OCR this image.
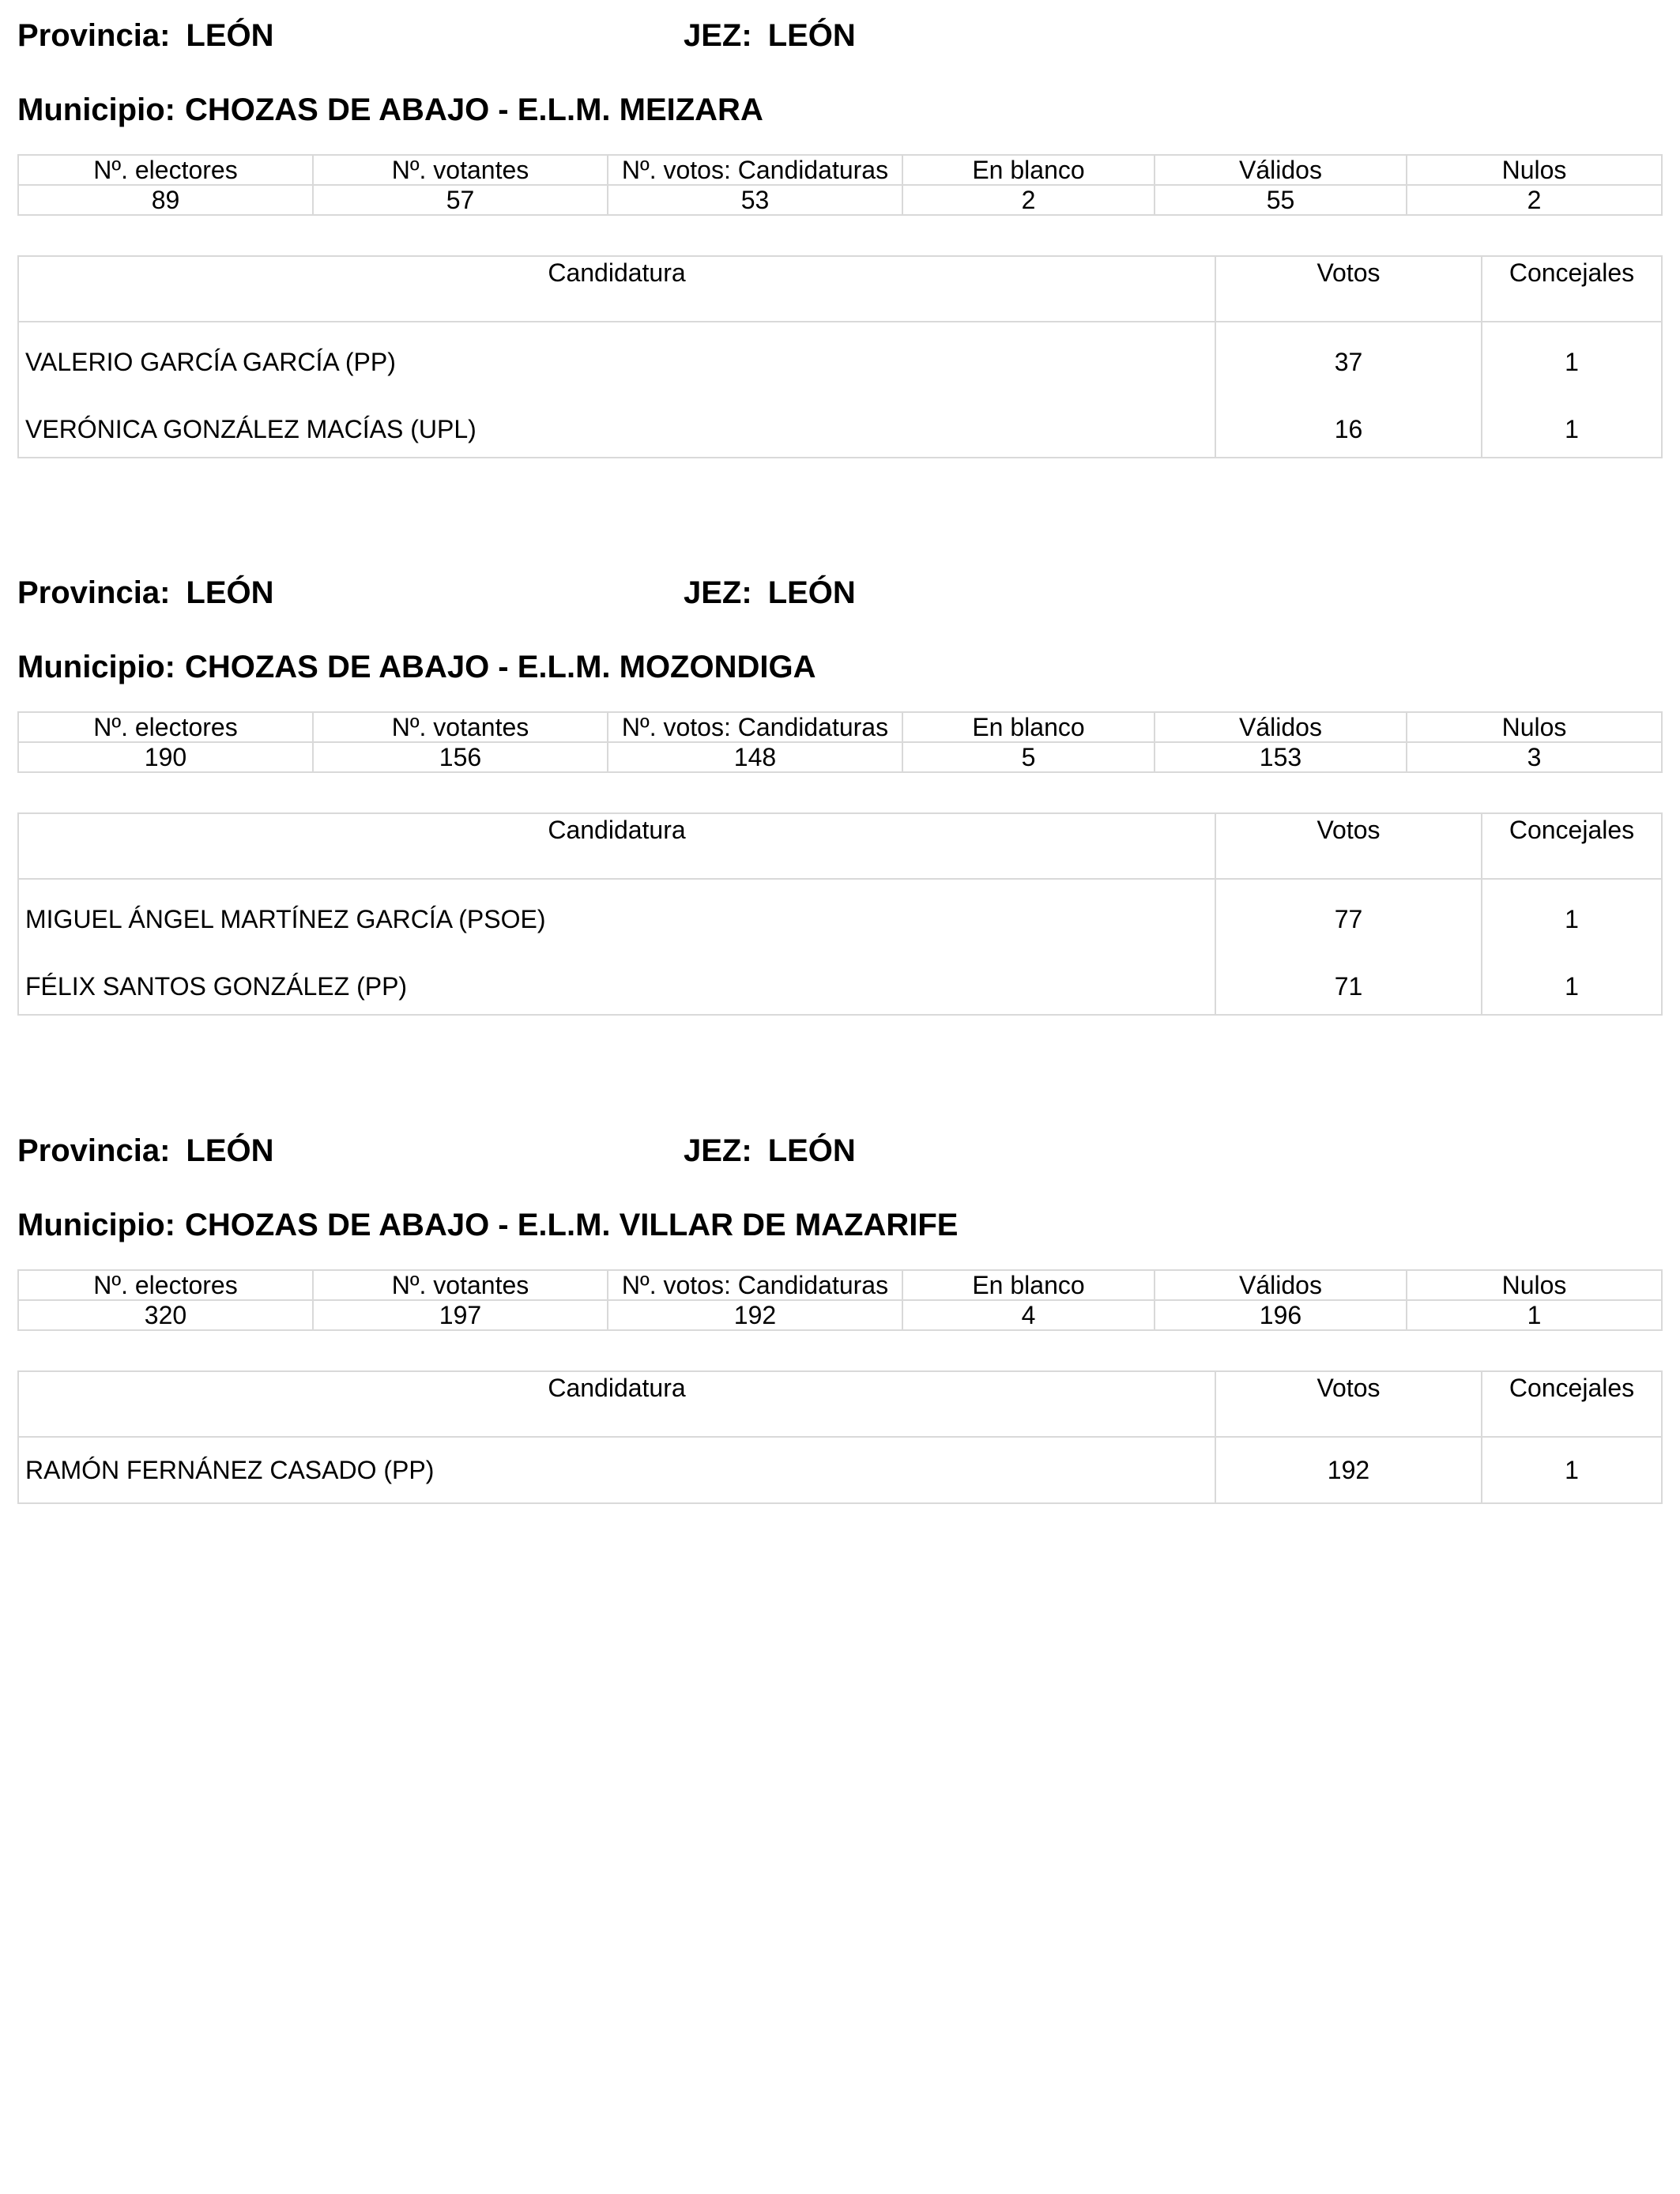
Provincia: LEÓN	JEZ: LEÓN
Municipio: CHOZAS DE ABAJO - E.L.M. MEIZARA
Nº. electores	Nº. votantes	Nº. votos: Candidaturas	En blanco	Válidos	Nulos
89	57	53	2	55	2
Candidatura	Votos	Concejales
VALERIO GARCÍA GARCÍA (PP)	37	1
VERÓNICA GONZÁLEZ MACÍAS (UPL)	16	1
Provincia: LEÓN	JEZ: LEÓN
Municipio: CHOZAS DE ABAJO - E.L.M. MOZONDIGA
Nº. electores	Nº. votantes	Nº. votos: Candidaturas	En blanco	Válidos	Nulos
190	156	148	5	153	3
Candidatura	Votos	Concejales
MIGUEL ÁNGEL MARTÍNEZ GARCÍA (PSOE)	77	1
FÉLIX SANTOS GONZÁLEZ (PP)	71	1
Provincia: LEÓN	JEZ: LEÓN
Municipio: CHOZAS DE ABAJO - E.L.M. VILLAR DE MAZARIFE
Nº. electores	Nº. votantes	Nº. votos: Candidaturas	En blanco	Válidos	Nulos
320	197	192	4	196	1
Candidatura	Votos	Concejales
RAMÓN FERNÁNEZ CASADO (PP)	192	1
